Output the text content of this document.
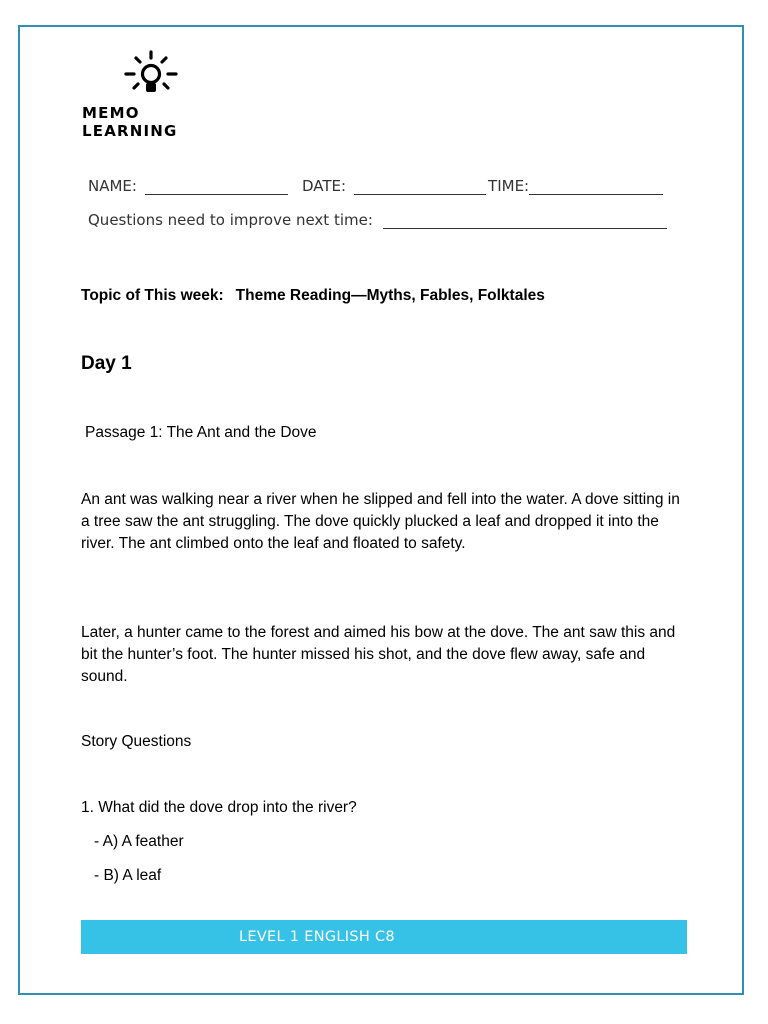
MEMO LEARNING
NAME:	DATE:	TIME:
Questions need to improve next time:
Topic of This week: Theme Reading—Myths, Fables, Folktales
Day 1
Passage 1: The Ant and the Dove
An ant was walking near a river when he slipped and fell into the water. A dove sitting in a tree saw the ant struggling. The dove quickly plucked a leaf and dropped it into the river. The ant climbed onto the leaf and floated to safety.
Later, a hunter came to the forest and aimed his bow at the dove. The ant saw this and bit the hunter’s foot. The hunter missed his shot, and the dove flew away, safe and sound.
Story Questions
1. What did the dove drop into the river?
- A) A feather
- B) A leaf
LEVEL 1 ENGLISH C8
